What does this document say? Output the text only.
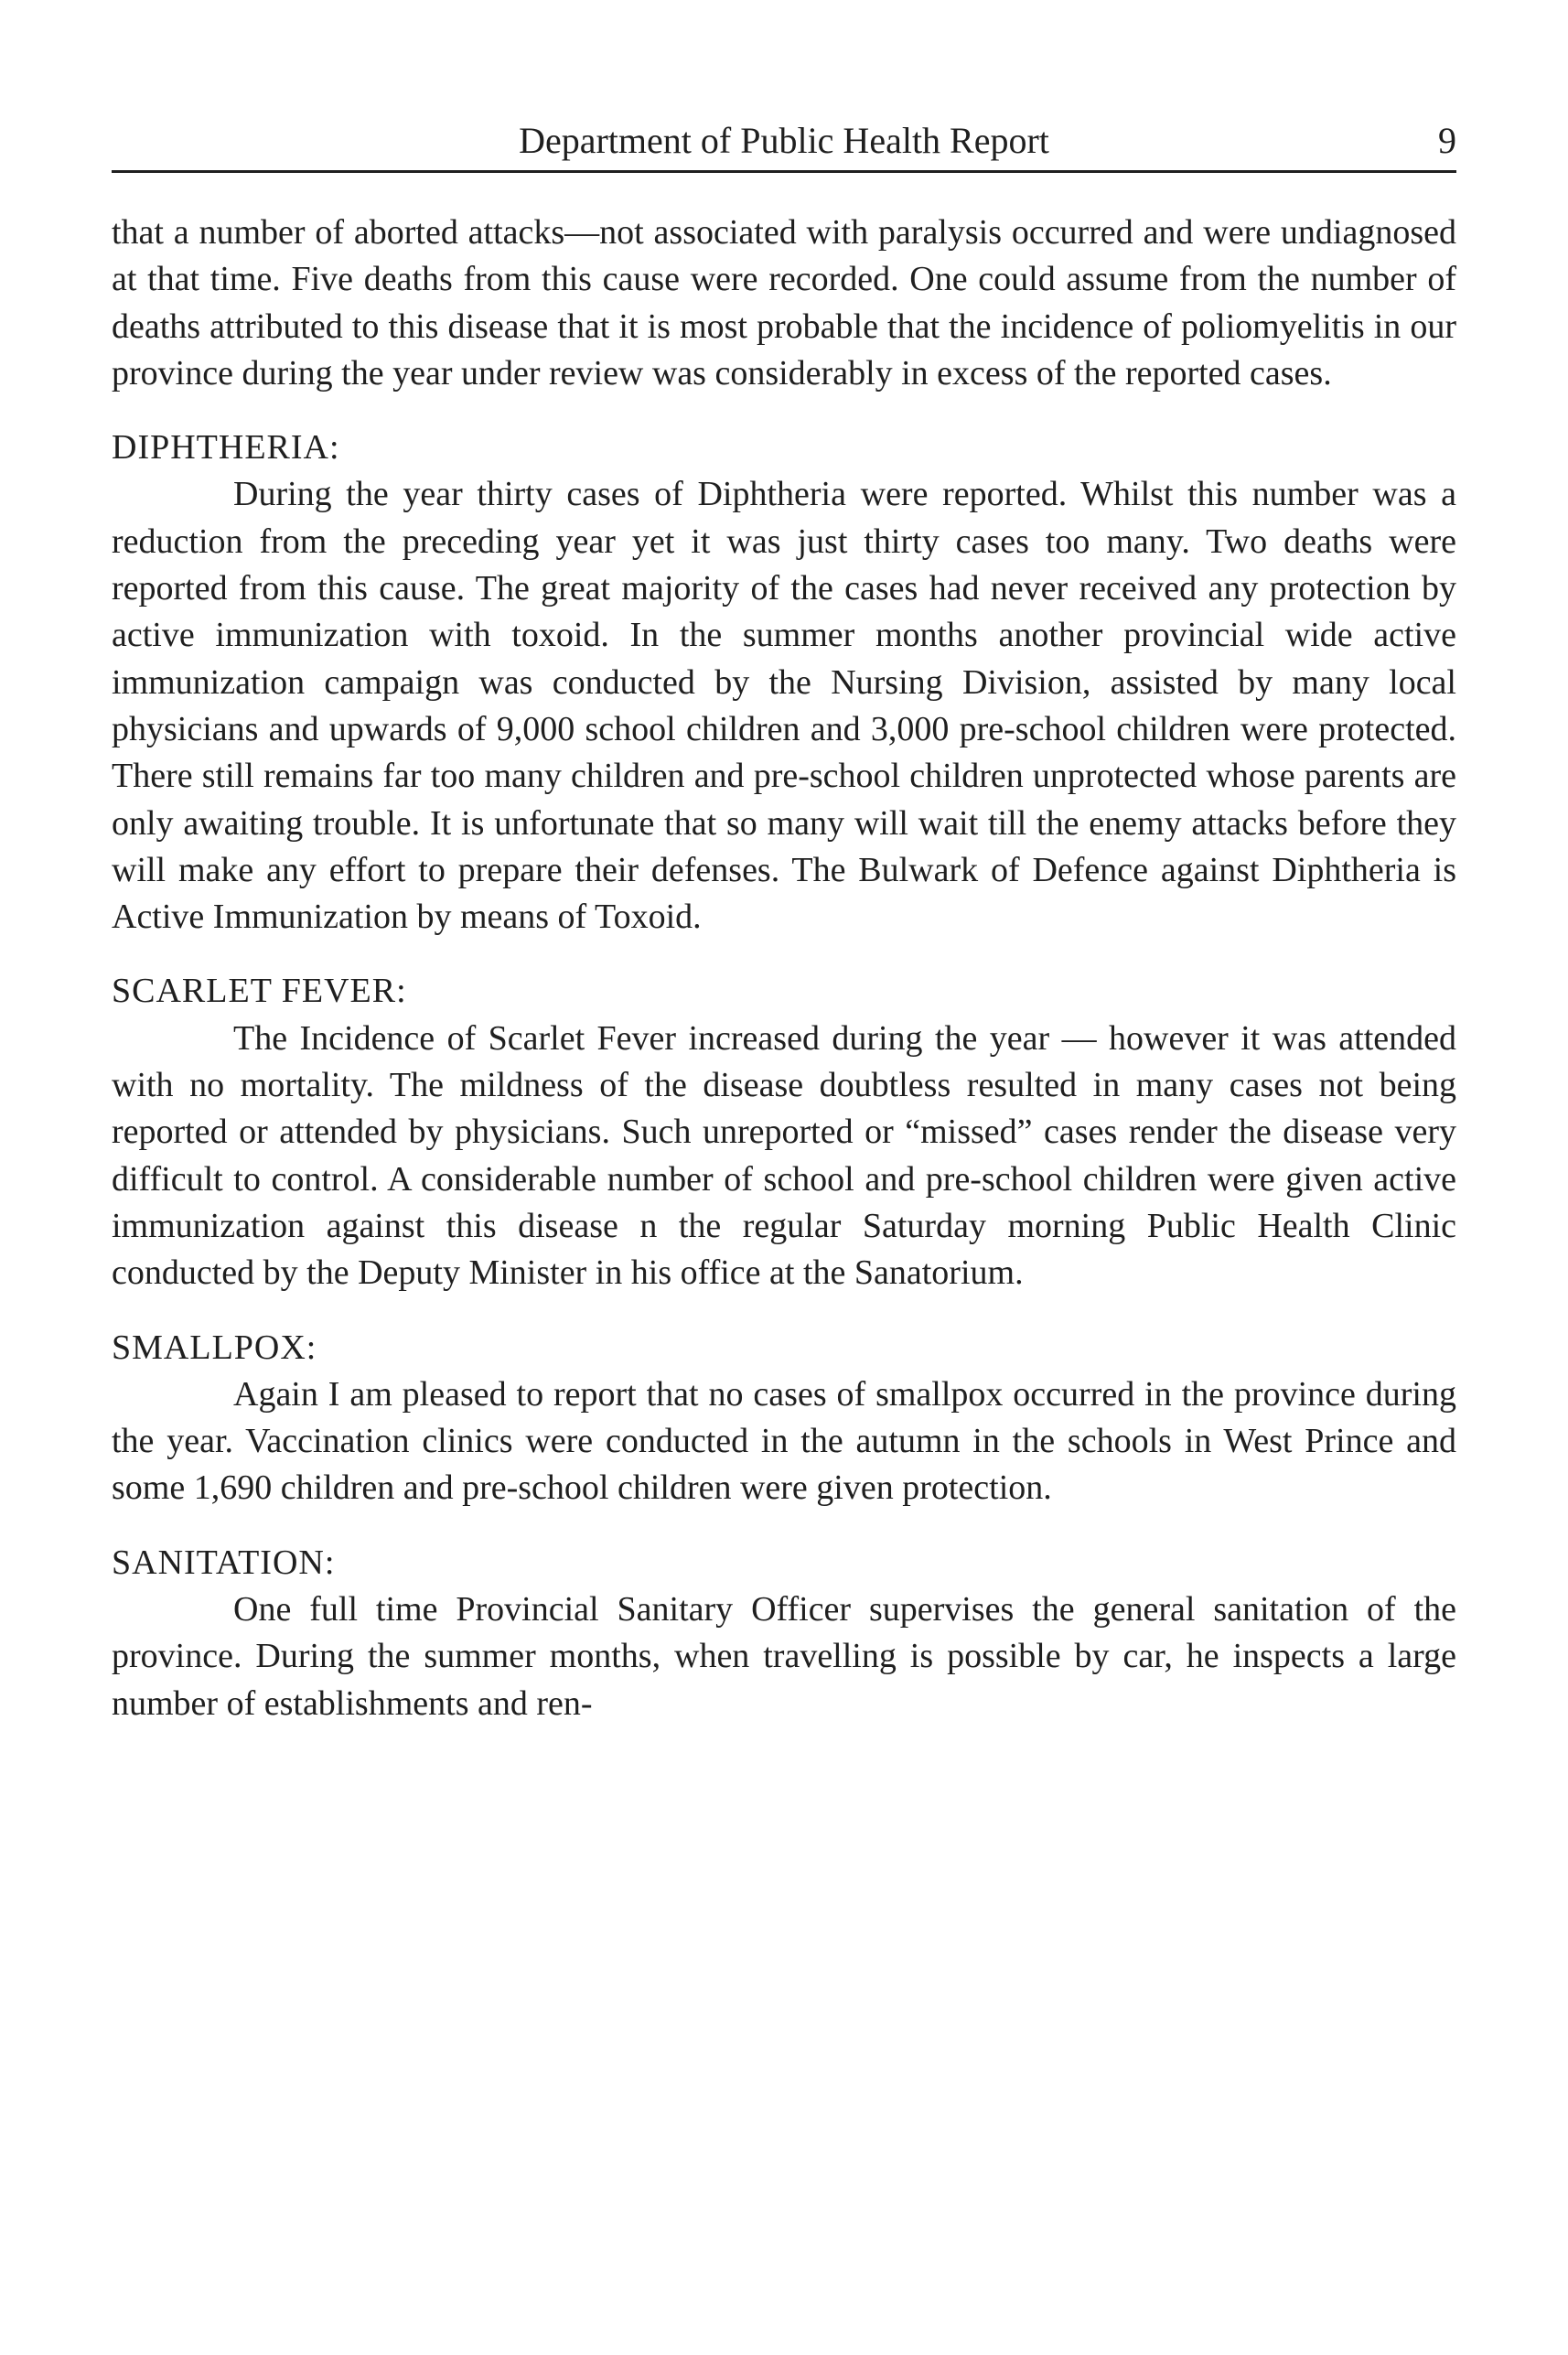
Department of Public Health Report	9

that a number of aborted attacks—not associated with paralysis occurred and were undiagnosed at that time. Five deaths from this cause were recorded. One could assume from the number of deaths attributed to this disease that it is most probable that the incidence of poliomyelitis in our province during the year under review was considerably in excess of the reported cases.

DIPHTHERIA:

During the year thirty cases of Diphtheria were reported. Whilst this number was a reduction from the preceding year yet it was just thirty cases too many. Two deaths were reported from this cause. The great majority of the cases had never received any protection by active immunization with toxoid. In the summer months another provincial wide active immunization campaign was conducted by the Nursing Division, assisted by many local physicians and upwards of 9,000 school children and 3,000 pre-school children were protected. There still remains far too many children and pre-school children unprotected whose parents are only awaiting trouble. It is unfortunate that so many will wait till the enemy attacks before they will make any effort to prepare their defenses. The Bulwark of Defence against Diphtheria is Active Immunization by means of Toxoid.

SCARLET FEVER:

The Incidence of Scarlet Fever increased during the year — however it was attended with no mortality. The mildness of the disease doubtless resulted in many cases not being reported or attended by physicians. Such unreported or “missed” cases render the disease very difficult to control. A considerable number of school and pre-school children were given active immunization against this disease n the regular Saturday morning Public Health Clinic conducted by the Deputy Minister in his office at the Sanatorium.

SMALLPOX:

Again I am pleased to report that no cases of smallpox occurred in the province during the year. Vaccination clinics were conducted in the autumn in the schools in West Prince and some 1,690 children and pre-school children were given protection.

SANITATION:

One full time Provincial Sanitary Officer supervises the general sanitation of the province. During the summer months, when travelling is possible by car, he inspects a large number of establishments and ren-
